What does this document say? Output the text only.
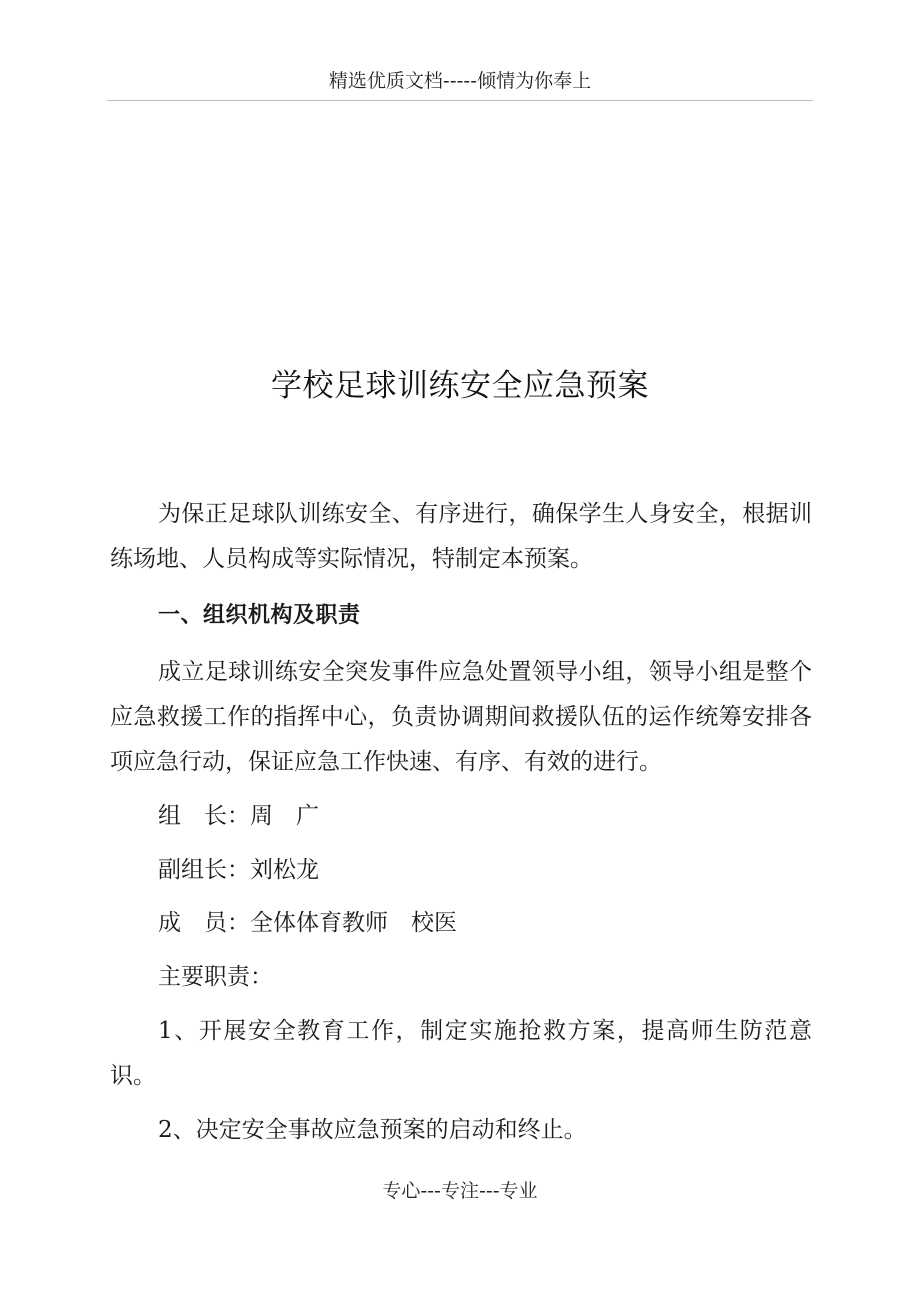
精选优质文档-----倾情为你奉上
学校足球训练安全应急预案

为保正足球队训练安全、有序进行，确保学生人身安全，根据训练场地、人员构成等实际情况，特制定本预案。

一、组织机构及职责

成立足球训练安全突发事件应急处置领导小组，领导小组是整个应急救援工作的指挥中心，负责协调期间救援队伍的运作统筹安排各项应急行动，保证应急工作快速、有序、有效的进行。

组　长：周　广

副组长：刘松龙

成　员：全体体育教师　校医

主要职责：

1、开展安全教育工作，制定实施抢救方案，提高师生防范意识。

2、决定安全事故应急预案的启动和终止。

专心---专注---专业
